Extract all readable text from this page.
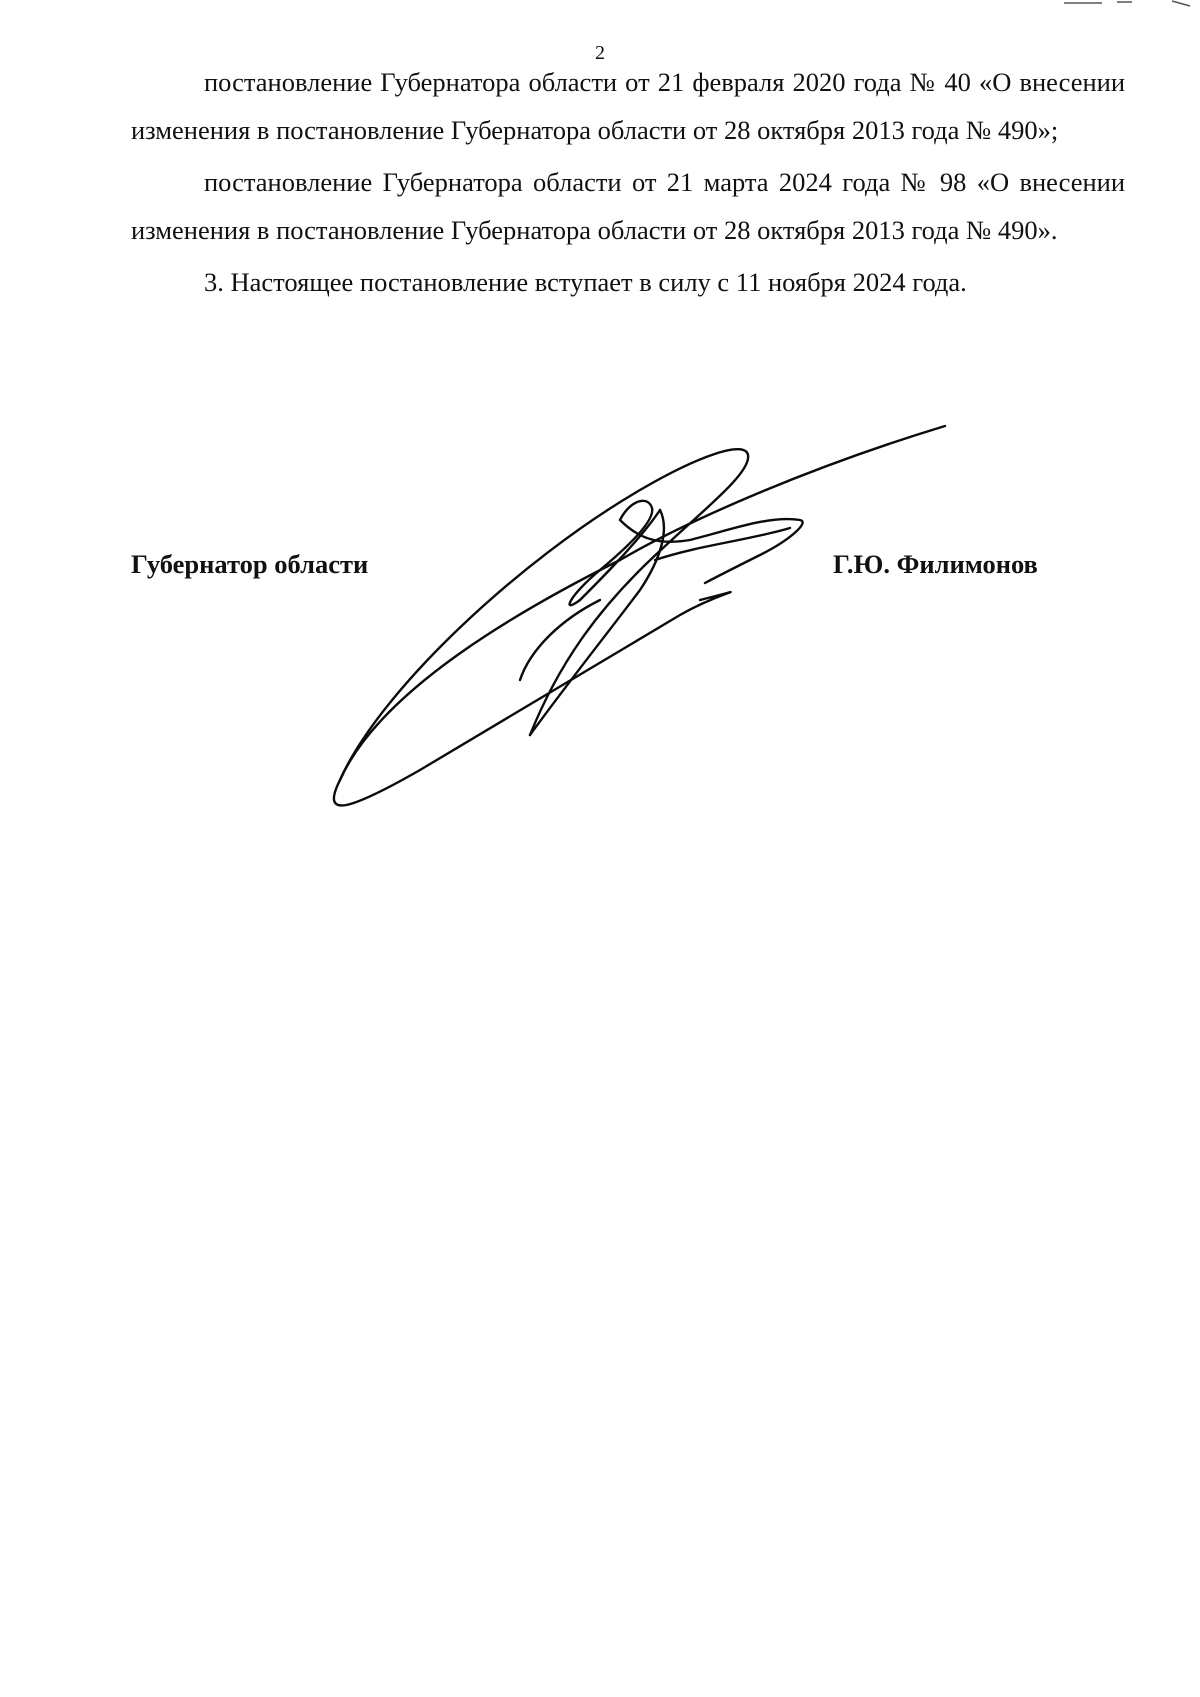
2

постановление Губернатора области от 21 февраля 2020 года № 40 «О внесении изменения в постановление Губернатора области от 28 октября 2013 года № 490»;

постановление Губернатора области от 21 марта 2024 года № 98 «О внесении изменения в постановление Губернатора области от 28 октября 2013 года № 490».

3. Настоящее постановление вступает в силу с 11 ноября 2024 года.

Губернатор области	Г.Ю. Филимонов
